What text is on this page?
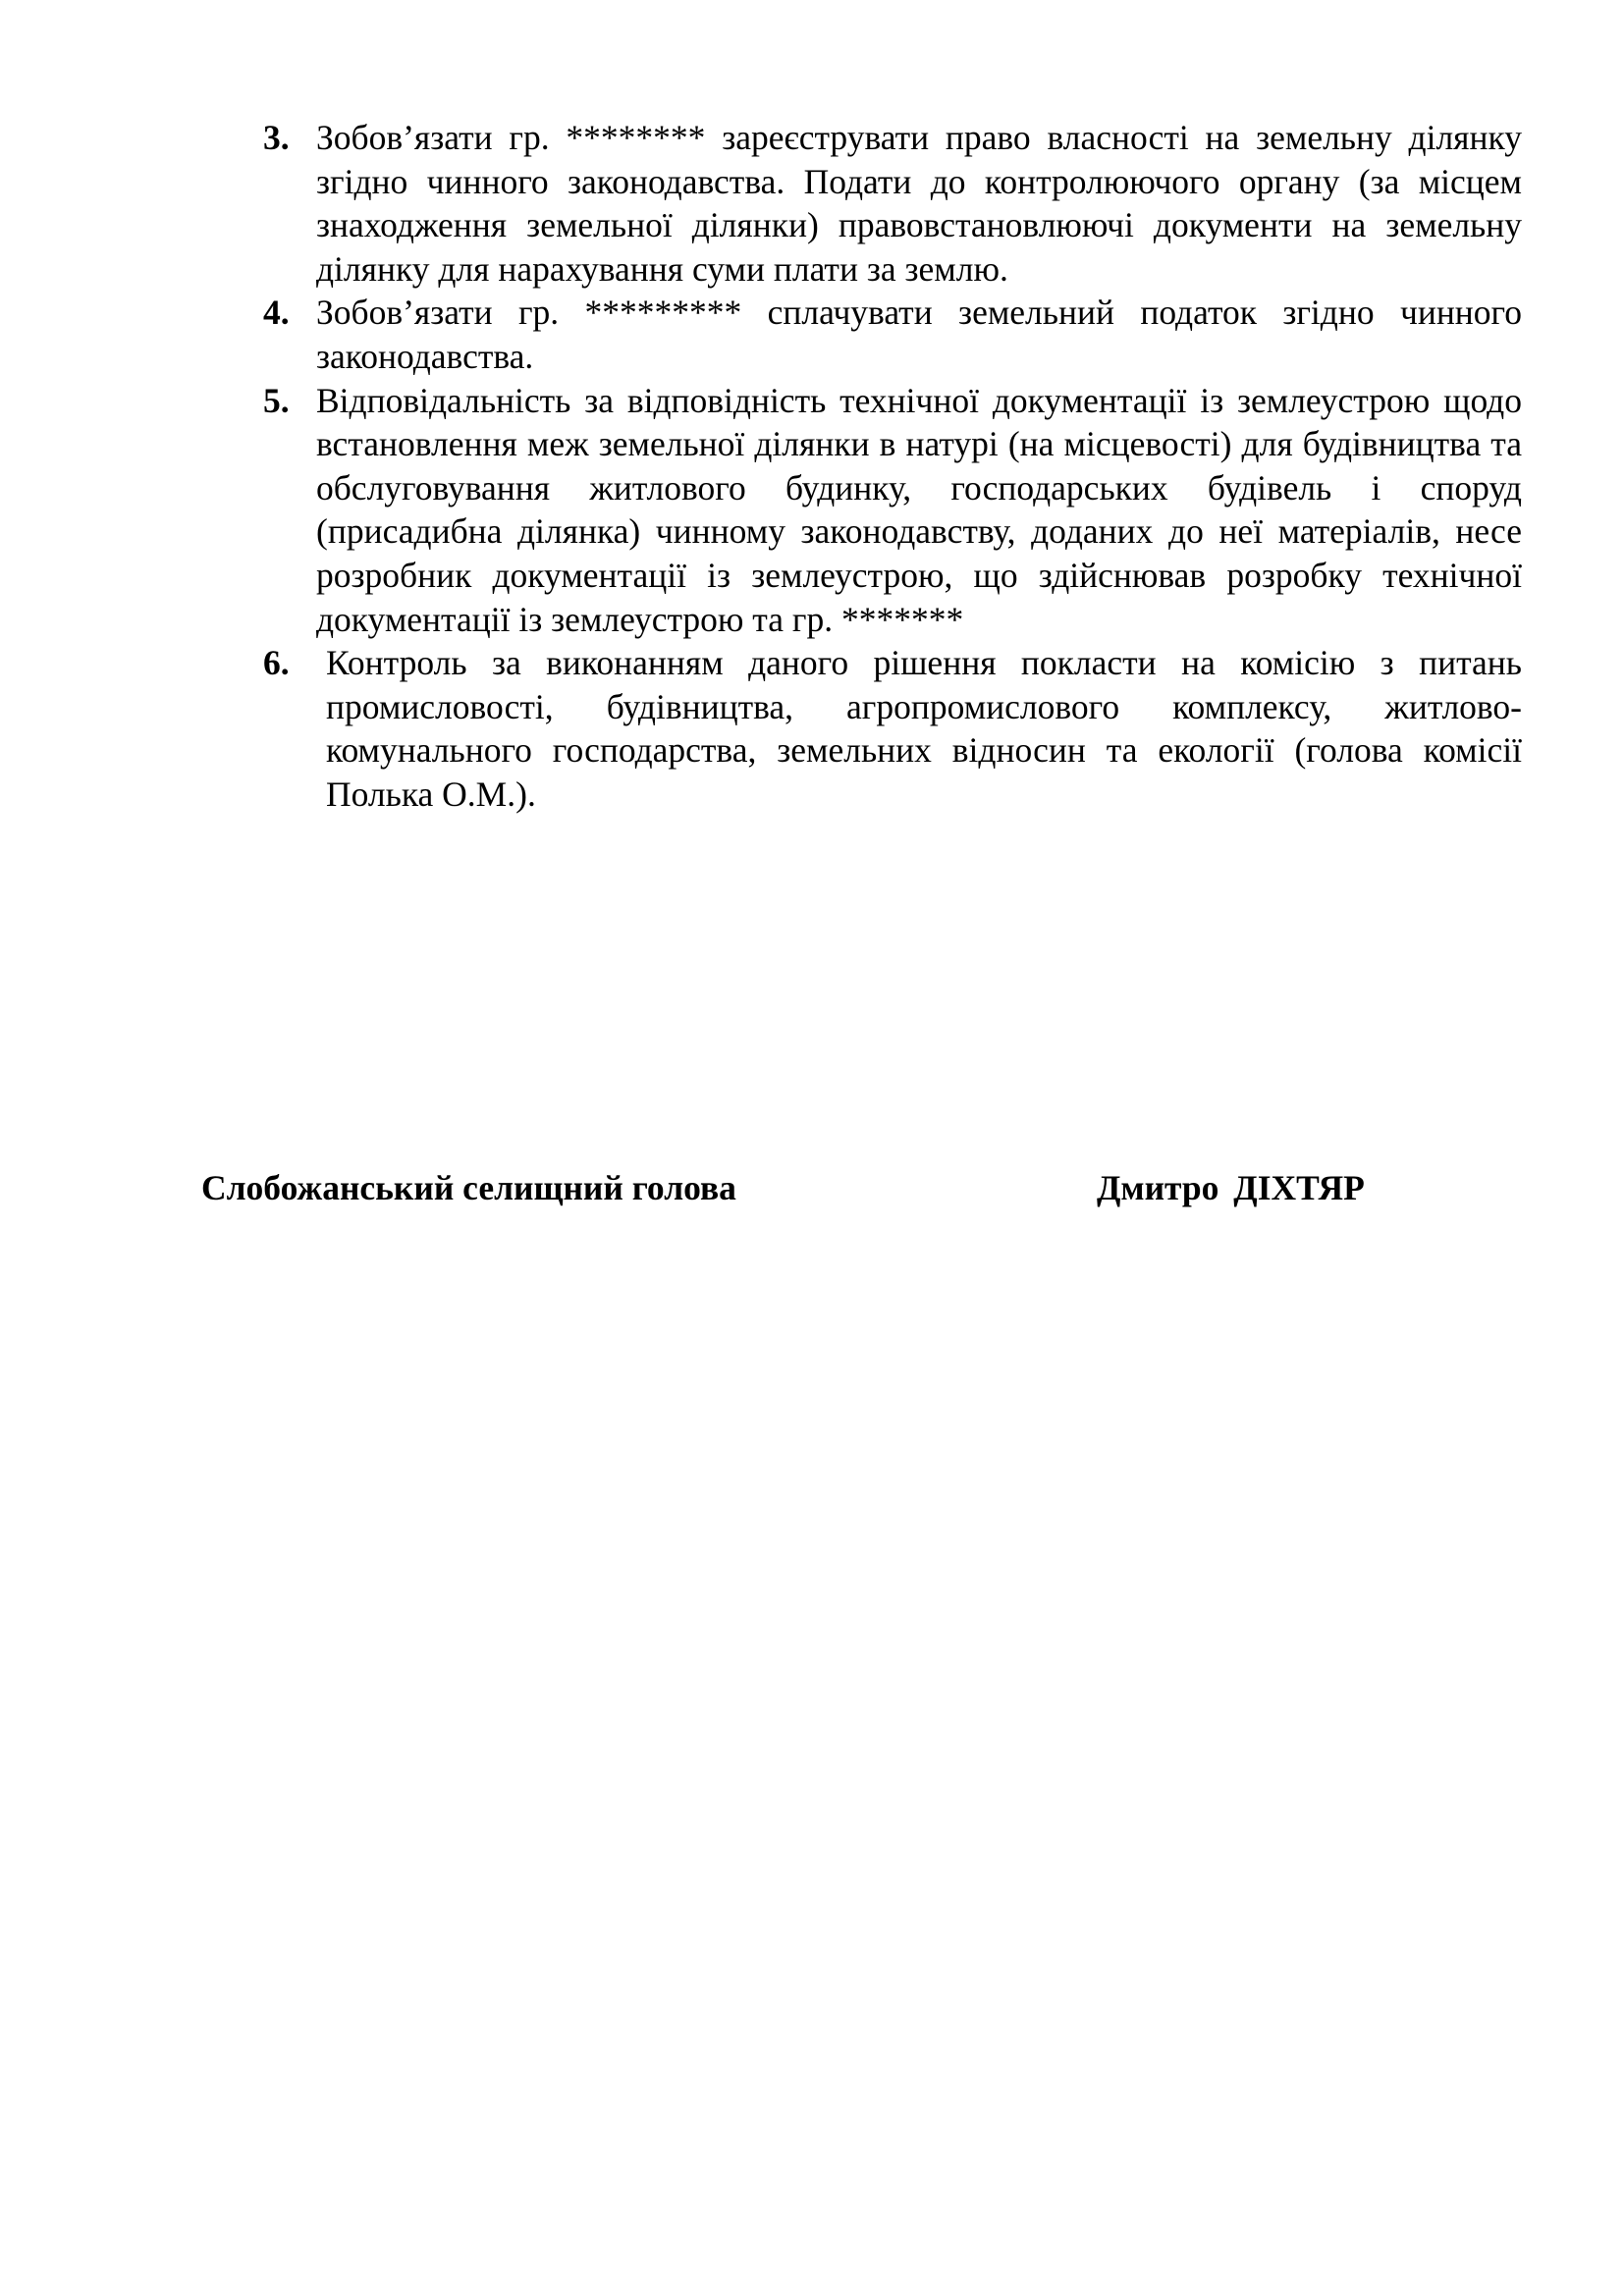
3. Зобов’язати гр. ******** зареєструвати право власності на земельну ділянку згідно чинного законодавства. Подати до контролюючого органу (за місцем знаходження земельної ділянки) правовстановлюючі документи на земельну ділянку для нарахування суми плати за землю.
4. Зобов’язати гр. ********* сплачувати земельний податок згідно чинного законодавства.
5. Відповідальність за відповідність технічної документації із землеустрою щодо встановлення меж земельної ділянки в натурі (на місцевості) для будівництва та обслуговування житлового будинку, господарських будівель і споруд (присадибна ділянка) чинному законодавству, доданих до неї матеріалів, несе розробник документації із землеустрою, що здійснював розробку технічної документації із землеустрою та гр. *******
6.	Контроль за виконанням даного рішення покласти на комісію з питань промисловості, будівництва, агропромислового комплексу, житлово-комунального господарства, земельних відносин та екології (голова комісії Полька О.М.).
Слобожанський селищний голова	Дмитро ДІХТЯР
